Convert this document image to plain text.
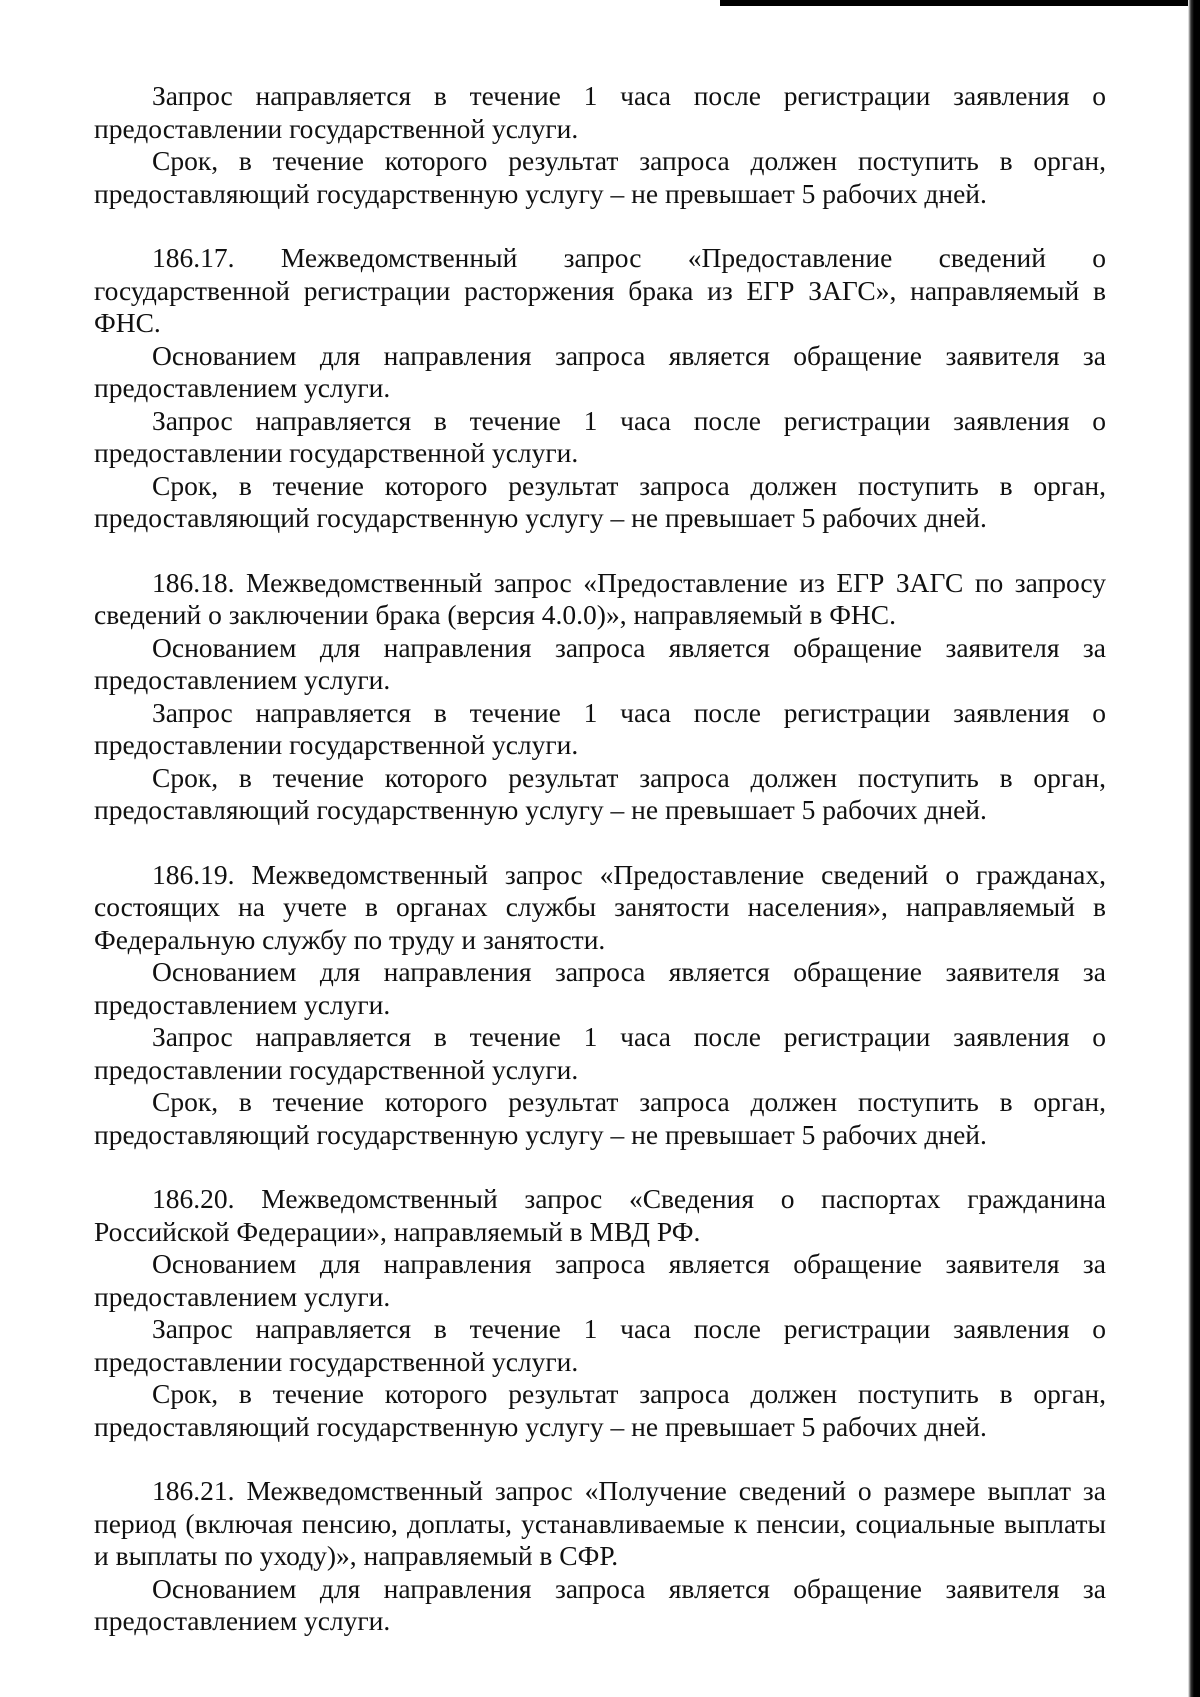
Запрос направляется в течение 1 часа после регистрации заявления о предоставлении государственной услуги.

Срок, в течение которого результат запроса должен поступить в орган, предоставляющий государственную услугу – не превышает 5 рабочих дней.

186.17. Межведомственный запрос «Предоставление сведений о государственной регистрации расторжения брака из ЕГР ЗАГС», направляемый в ФНС.

Основанием для направления запроса является обращение заявителя за предоставлением услуги.

Запрос направляется в течение 1 часа после регистрации заявления о предоставлении государственной услуги.

Срок, в течение которого результат запроса должен поступить в орган, предоставляющий государственную услугу – не превышает 5 рабочих дней.

186.18. Межведомственный запрос «Предоставление из ЕГР ЗАГС по запросу сведений о заключении брака (версия 4.0.0)», направляемый в ФНС.

Основанием для направления запроса является обращение заявителя за предоставлением услуги.

Запрос направляется в течение 1 часа после регистрации заявления о предоставлении государственной услуги.

Срок, в течение которого результат запроса должен поступить в орган, предоставляющий государственную услугу – не превышает 5 рабочих дней.

186.19. Межведомственный запрос «Предоставление сведений о гражданах, состоящих на учете в органах службы занятости населения», направляемый в Федеральную службу по труду и занятости.

Основанием для направления запроса является обращение заявителя за предоставлением услуги.

Запрос направляется в течение 1 часа после регистрации заявления о предоставлении государственной услуги.

Срок, в течение которого результат запроса должен поступить в орган, предоставляющий государственную услугу – не превышает 5 рабочих дней.

186.20. Межведомственный запрос «Сведения о паспортах гражданина Российской Федерации», направляемый в МВД РФ.

Основанием для направления запроса является обращение заявителя за предоставлением услуги.

Запрос направляется в течение 1 часа после регистрации заявления о предоставлении государственной услуги.

Срок, в течение которого результат запроса должен поступить в орган, предоставляющий государственную услугу – не превышает 5 рабочих дней.

186.21. Межведомственный запрос «Получение сведений о размере выплат за период (включая пенсию, доплаты, устанавливаемые к пенсии, социальные выплаты и выплаты по уходу)», направляемый в СФР.

Основанием для направления запроса является обращение заявителя за предоставлением услуги.
